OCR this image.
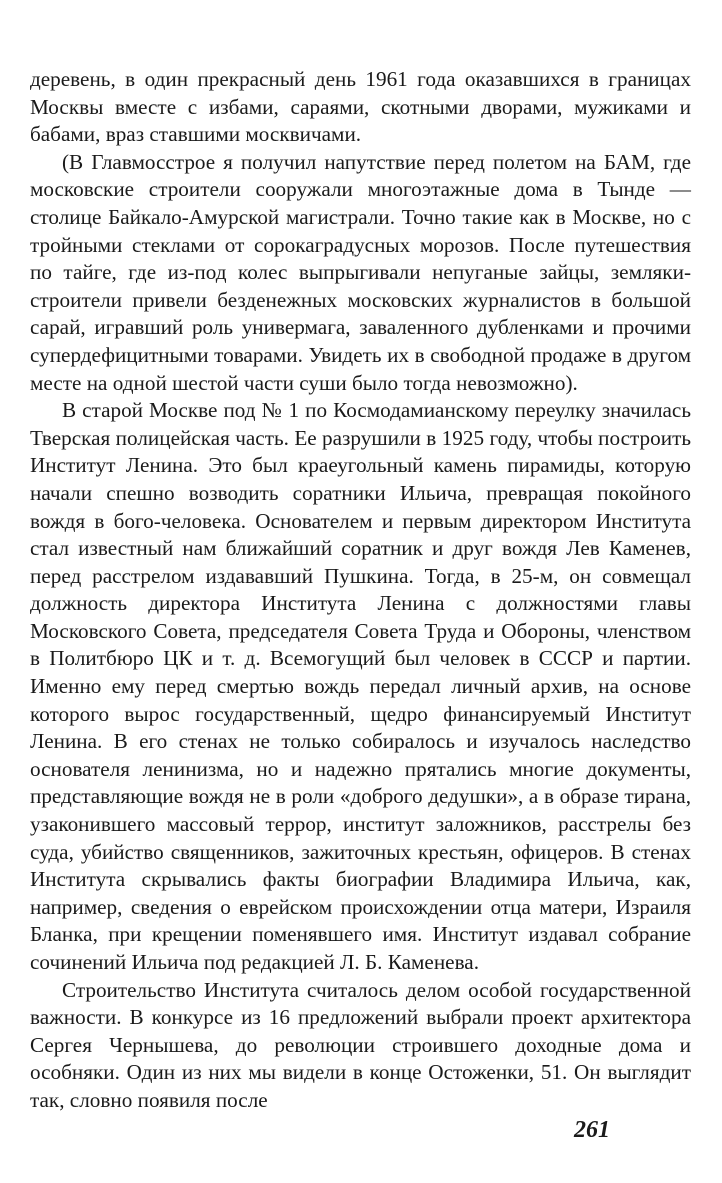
деревень, в один прекрасный день 1961 года оказавшихся в границах Москвы вместе с избами, сараями, скотными дворами, мужиками и бабами, враз ставшими москвичами.

(В Главмосстрое я получил напутствие перед полетом на БАМ, где московские строители сооружали многоэтажные дома в Тынде — столице Байкало-Амурской магистрали. Точно такие как в Москве, но с тройными стеклами от сорокаградусных морозов. После путешествия по тайге, где из-под колес выпрыгивали непуганые зайцы, земляки-строители привели безденежных московских журналистов в большой сарай, игравший роль универмага, заваленного дубленками и прочими супердефицитными товарами. Увидеть их в свободной продаже в другом месте на одной шестой части суши было тогда невозможно).

В старой Москве под № 1 по Космодамианскому переулку значилась Тверская полицейская часть. Ее разрушили в 1925 году, чтобы построить Институт Ленина. Это был краеугольный камень пирамиды, которую начали спешно возводить соратники Ильича, превращая покойного вождя в бого-человека. Основателем и первым директором Института стал известный нам ближайший соратник и друг вождя Лев Каменев, перед расстрелом издававший Пушкина. Тогда, в 25-м, он совмещал должность директора Института Ленина с должностями главы Московского Совета, председателя Совета Труда и Обороны, членством в Политбюро ЦК и т. д. Всемогущий был человек в СССР и партии. Именно ему перед смертью вождь передал личный архив, на основе которого вырос государственный, щедро финансируемый Институт Ленина. В его стенах не только собиралось и изучалось наследство основателя ленинизма, но и надежно прятались многие документы, представляющие вождя не в роли «доброго дедушки», а в образе тирана, узаконившего массовый террор, институт заложников, расстрелы без суда, убийство священников, зажиточных крестьян, офицеров. В стенах Института скрывались факты биографии Владимира Ильича, как, например, сведения о еврейском происхождении отца матери, Израиля Бланка, при крещении поменявшего имя. Институт издавал собрание сочинений Ильича под редакцией Л. Б. Каменева.

Строительство Института считалось делом особой государственной важности. В конкурсе из 16 предложений выбрали проект архитектора Сергея Чернышева, до революции строившего доходные дома и особняки. Один из них мы видели в конце Остоженки, 51. Он выглядит так, словно появиля после

261
